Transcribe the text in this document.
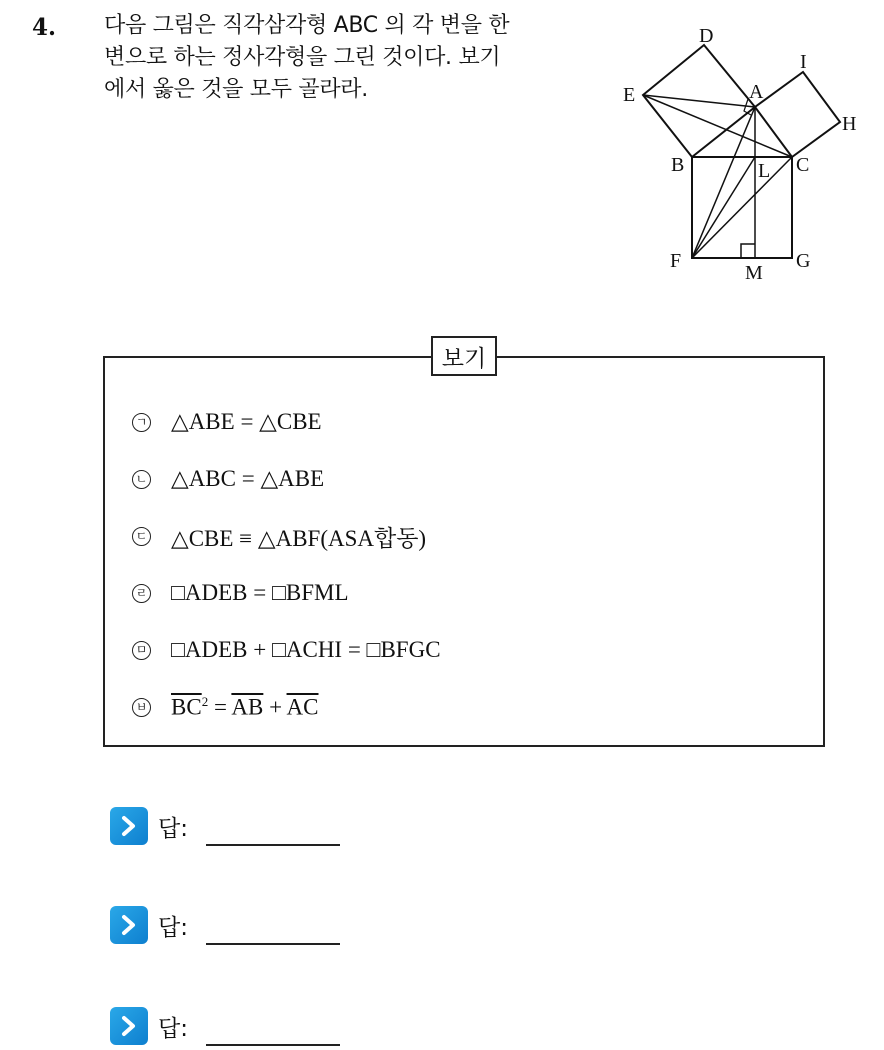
4. 다음 그림은 직각삼각형 ABC 의 각 변을 한
변으로 하는 정사각형을 그린 것이다. 보기
에서 옳은 것을 모두 골라라.
D
I
A
E
H
B	L C
F
M
G
보기
ㄱ △ABE = △CBE
ㄴ △ABC = △ABE
ㄷ △CBE ≡ △ABF(ASA합동)
ㄹ □ADEB = □BFML
ㅁ □ADEB + □ACHI = □BFGC
ㅂ $\overline{BC}^2 = \overline{AB} + \overline{AC}$
답:
답:
답:
